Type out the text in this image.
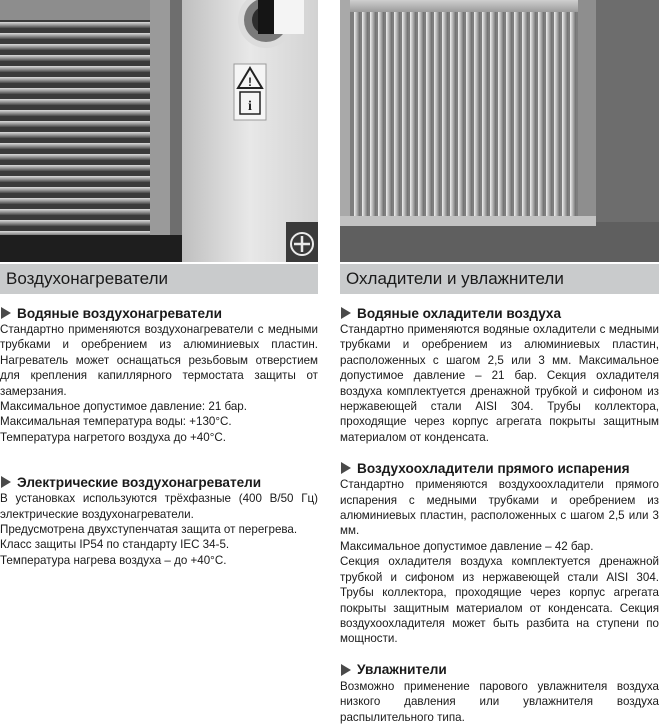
!
i
Воздухонагреватели
Водяные воздухонагреватели

Стандартно применяются воздухонагреватели с медными трубками и оребрением из алюминиевых пластин. Нагреватель может оснащаться резьбовым отверстием для крепления капиллярного термостата защиты от замерзания.

Максимальное допустимое давление: 21 бар.

Максимальная температура воды: +130°C.

Температура нагретого воздуха до +40°C.

Электрические воздухонагреватели

В установках используются трёхфазные (400 В/50 Гц) электрические воздухонагреватели.

Предусмотрена двухступенчатая защита от перегрева.

Класс защиты IP54 по стандарту IEC 34-5.

Температура нагрева воздуха – до +40°C.

Охладители и увлажнители
Водяные охладители воздуха

Стандартно применяются водяные охладители с медными трубками и оребрением из алюминиевых пластин, расположенных с шагом 2,5 или 3 мм. Максимальное допустимое давление – 21 бар. Секция охладителя воздуха комплектуется дренажной трубкой и сифоном из нержавеющей стали AISI 304. Трубы коллектора, проходящие через корпус агрегата покрыты защитным материалом от конденсата.

Воздухоохладители прямого испарения

Стандартно применяются воздухоохладители прямого испарения с медными трубками и оребрением из алюминиевых пластин, расположенных с шагом 2,5 или 3 мм.

Максимальное допустимое давление – 42 бар.

Секция охладителя воздуха комплектуется дренажной трубкой и сифоном из нержавеющей стали AISI 304. Трубы коллектора, проходящие через корпус агрегата покрыты защитным материалом от конденсата. Секция воздухоохладителя может быть разбита на ступени по мощности.

Увлажнители

Возможно применение парового увлажнителя воздуха низкого давления или увлажнителя воздуха распылительного типа.
